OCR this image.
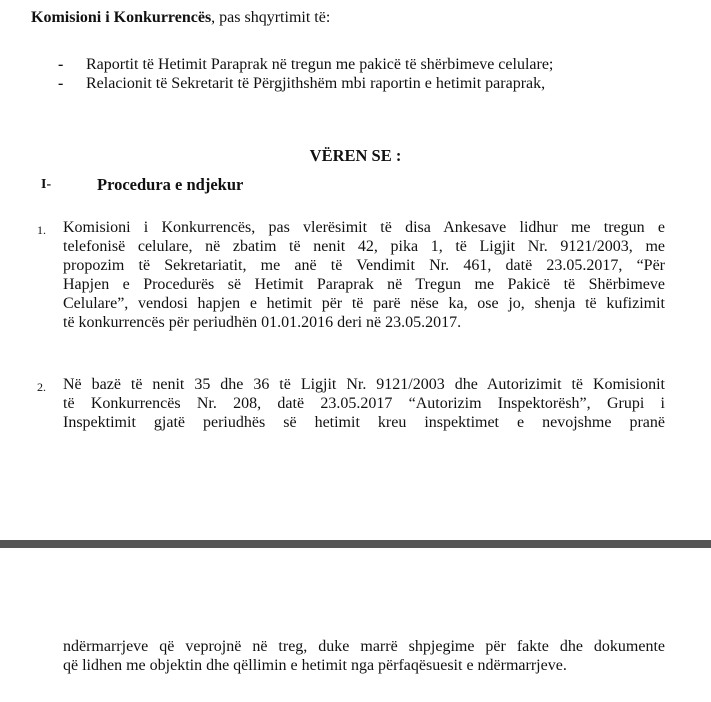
Komisioni i Konkurrencës, pas shqyrtimit të:
- Raportit të Hetimit Paraprak në tregun me pakicë të shërbimeve celulare;
- Relacionit të Sekretarit të Përgjithshëm mbi raportin e hetimit paraprak,
VËREN SE :
I-	Procedura e ndjekur
1. Komisioni i Konkurrencës, pas vlerësimit të disa Ankesave lidhur me tregun e
telefonisë celulare, në zbatim të nenit 42, pika 1, të Ligjit Nr. 9121/2003, me
propozim të Sekretariatit, me anë të Vendimit Nr. 461, datë 23.05.2017, “Për
Hapjen e Procedurës së Hetimit Paraprak në Tregun me Pakicë të Shërbimeve
Celulare”, vendosi hapjen e hetimit për të parë nëse ka, ose jo, shenja të kufizimit
të konkurrencës për periudhën 01.01.2016 deri në 23.05.2017.
2. Në bazë të nenit 35 dhe 36 të Ligjit Nr. 9121/2003 dhe Autorizimit të Komisionit
të Konkurrencës Nr. 208, datë 23.05.2017 “Autorizim Inspektorësh”, Grupi i
Inspektimit gjatë periudhës së hetimit kreu inspektimet e nevojshme pranë
ndërmarrjeve që veprojnë në treg, duke marrë shpjegime për fakte dhe dokumente
që lidhen me objektin dhe qëllimin e hetimit nga përfaqësuesit e ndërmarrjeve.
